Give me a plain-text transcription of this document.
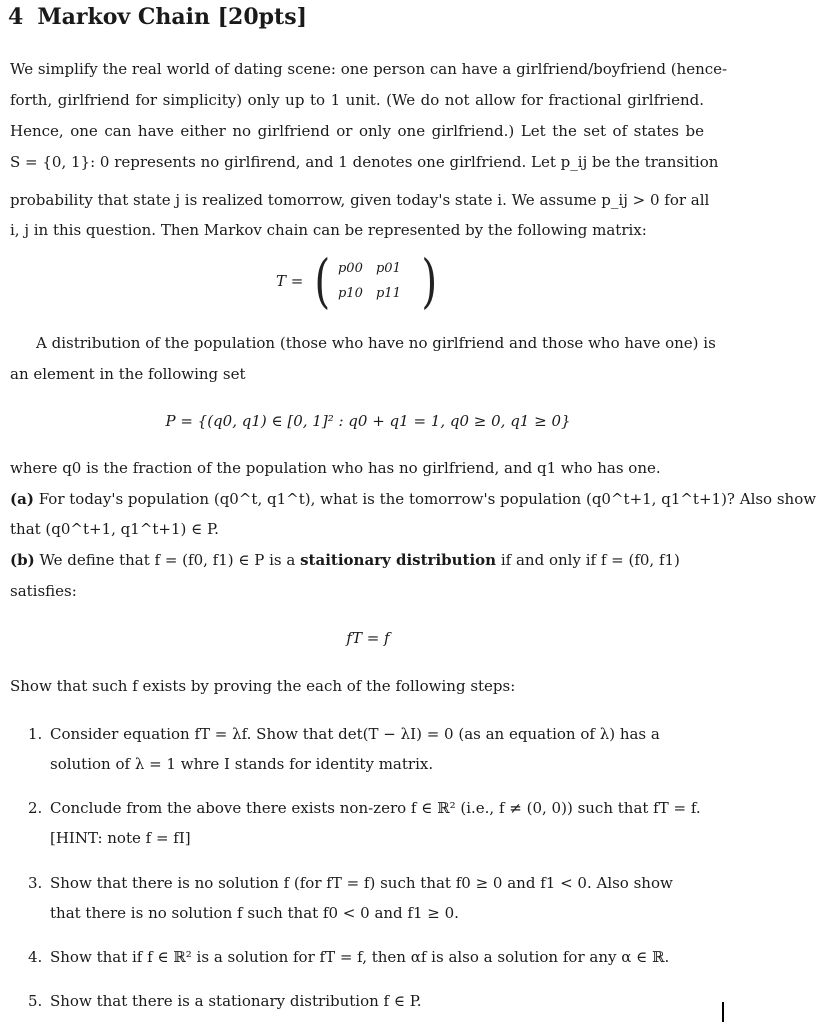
4 Markov Chain [20pts]
We simplify the real world of dating scene: one person can have a girlfriend/boyfriend (hence-
forth, girlfriend for simplicity) only up to 1 unit. (We do not allow for fractional girlfriend.
Hence, one can have either no girlfriend or only one girlfriend.) Let the set of states be
S = {0, 1}: 0 represents no girlfirend, and 1 denotes one girlfriend. Let p_ij be the transition
probability that state j is realized tomorrow, given today's state i. We assume p_ij > 0 for all
i, j in this question. Then Markov chain can be represented by the following matrix:
T = ( p00	p01
p10	p11 )
A distribution of the population (those who have no girlfriend and those who have one) is
an element in the following set
P = {(q0, q1) ∈ [0, 1]² : q0 + q1 = 1, q0 ≥ 0, q1 ≥ 0}
where q0 is the fraction of the population who has no girlfriend, and q1 who has one.
(a) For today's population (q0^t, q1^t), what is the tomorrow's population (q0^t+1, q1^t+1)? Also show
that (q0^t+1, q1^t+1) ∈ P.
(b) We define that f = (f0, f1) ∈ P is a staitionary distribution if and only if f = (f0, f1)
satisfies:
fT = f
Show that such f exists by proving the each of the following steps:
1. Consider equation fT = λf. Show that det(T − λI) = 0 (as an equation of λ) has a
solution of λ = 1 whre I stands for identity matrix.
2. Conclude from the above there exists non-zero f ∈ ℝ² (i.e., f ≠ (0, 0)) such that fT = f.
[HINT: note f = fI]
3. Show that there is no solution f (for fT = f) such that f0 ≥ 0 and f1 < 0. Also show
that there is no solution f such that f0 < 0 and f1 ≥ 0.
4. Show that if f ∈ ℝ² is a solution for fT = f, then αf is also a solution for any α ∈ ℝ.
5. Show that there is a stationary distribution f ∈ P.
